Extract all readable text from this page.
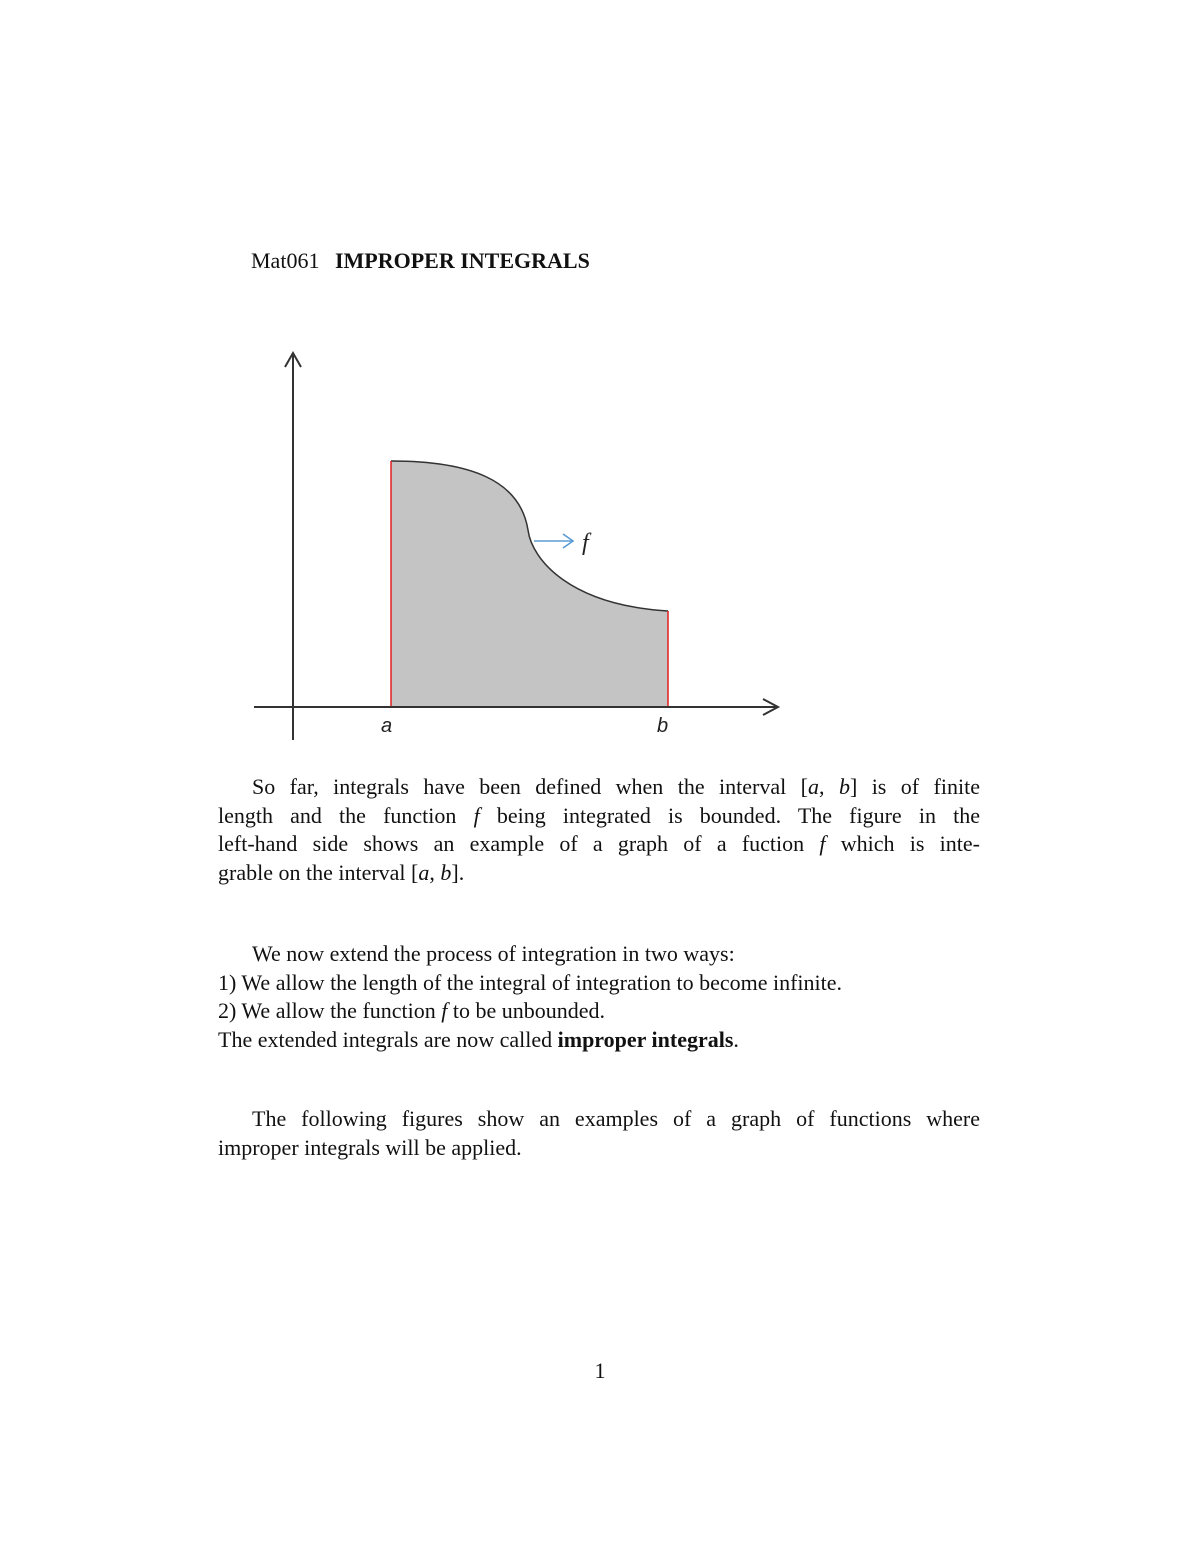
Mat061 IMPROPER INTEGRALS
f
a	b

So far, integrals have been defined when the interval [a, b] is of finite
length and the function f being integrated is bounded. The figure in the
left-hand side shows an example of a graph of a fuction f which is inte-
grable on the interval [a, b].

We now extend the process of integration in two ways:
1) We allow the length of the integral of integration to become infinite.
2) We allow the function f to be unbounded.
The extended integrals are now called improper integrals.

The following figures show an examples of a graph of functions where
improper integrals will be applied.

1
